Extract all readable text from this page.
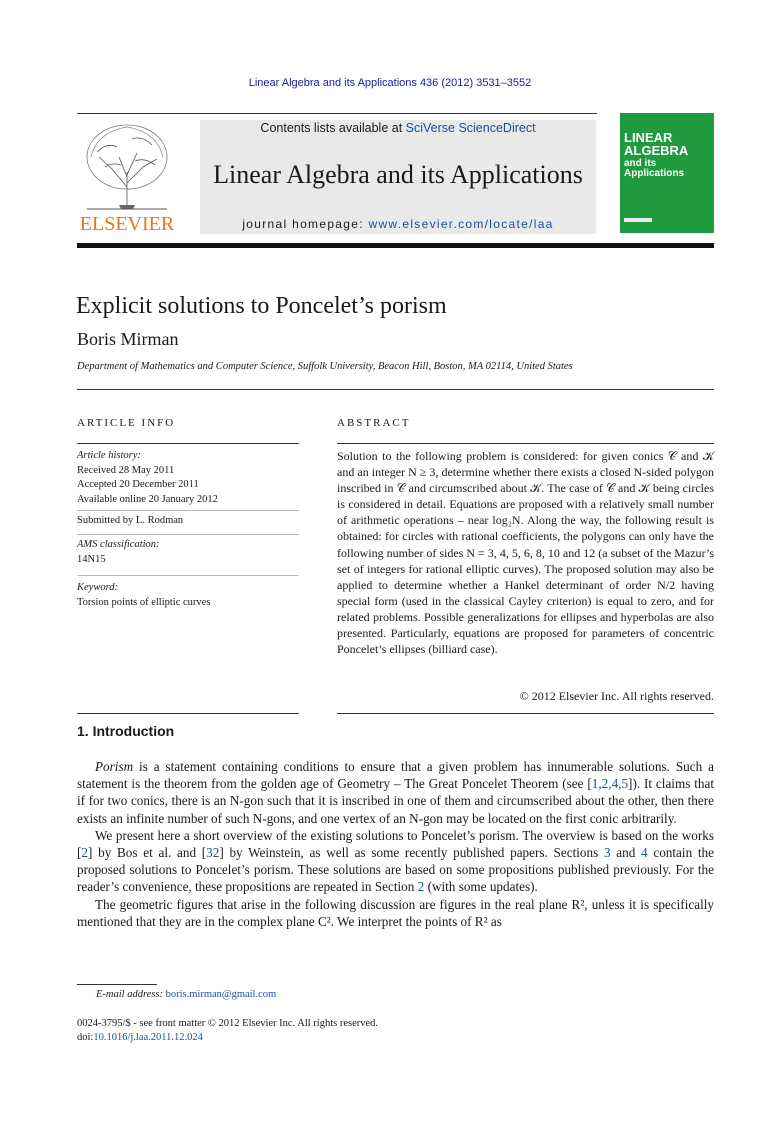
Linear Algebra and its Applications 436 (2012) 3531–3552
ELSEVIER
Contents lists available at SciVerse ScienceDirect
Linear Algebra and its Applications
journal homepage: www.elsevier.com/locate/laa
LINEAR
ALGEBRA
and its
Applications
Explicit solutions to Poncelet’s porism
Boris Mirman
Department of Mathematics and Computer Science, Suffolk University, Beacon Hill, Boston, MA 02114, United States
ARTICLE INFO
Article history:
Received 28 May 2011
Accepted 20 December 2011
Available online 20 January 2012
Submitted by L. Rodman
AMS classification:
14N15
Keyword:
Torsion points of elliptic curves
ABSTRACT
Solution to the following problem is considered: for given conics 𝒞 and 𝒦 and an integer N ≥ 3, determine whether there exists a closed N-sided polygon inscribed in 𝒞 and circumscribed about 𝒦. The case of 𝒞 and 𝒦 being circles is considered in detail. Equations are proposed with a relatively small number of arithmetic operations – near log₂N. Along the way, the following result is obtained: for circles with rational coefficients, the polygons can only have the following number of sides N = 3, 4, 5, 6, 8, 10 and 12 (a subset of the Mazur’s set of integers for rational elliptic curves). The proposed solution may also be applied to determine whether a Hankel determinant of order N/2 having special form (used in the classical Cayley criterion) is equal to zero, and for related problems. Possible generalizations for ellipses and hyperbolas are also presented. Particularly, equations are proposed for parameters of concentric Poncelet’s ellipses (billiard case).
© 2012 Elsevier Inc. All rights reserved.
1. Introduction

Porism is a statement containing conditions to ensure that a given problem has innumerable solutions. Such a statement is the theorem from the golden age of Geometry – The Great Poncelet Theorem (see [1,2,4,5]). It claims that if for two conics, there is an N-gon such that it is inscribed in one of them and circumscribed about the other, then there exists an infinite number of such N-gons, and one vertex of an N-gon may be located on the first conic arbitrarily.

We present here a short overview of the existing solutions to Poncelet’s porism. The overview is based on the works [2] by Bos et al. and [32] by Weinstein, as well as some recently published papers. Sections 3 and 4 contain the proposed solutions to Poncelet’s porism. These solutions are based on some propositions published previously. For the reader’s convenience, these propositions are repeated in Section 2 (with some updates).

The geometric figures that arise in the following discussion are figures in the real plane R², unless it is specifically mentioned that they are in the complex plane C². We interpret the points of R² as

E-mail address: boris.mirman@gmail.com
0024-3795/$ - see front matter © 2012 Elsevier Inc. All rights reserved.
doi:10.1016/j.laa.2011.12.024
